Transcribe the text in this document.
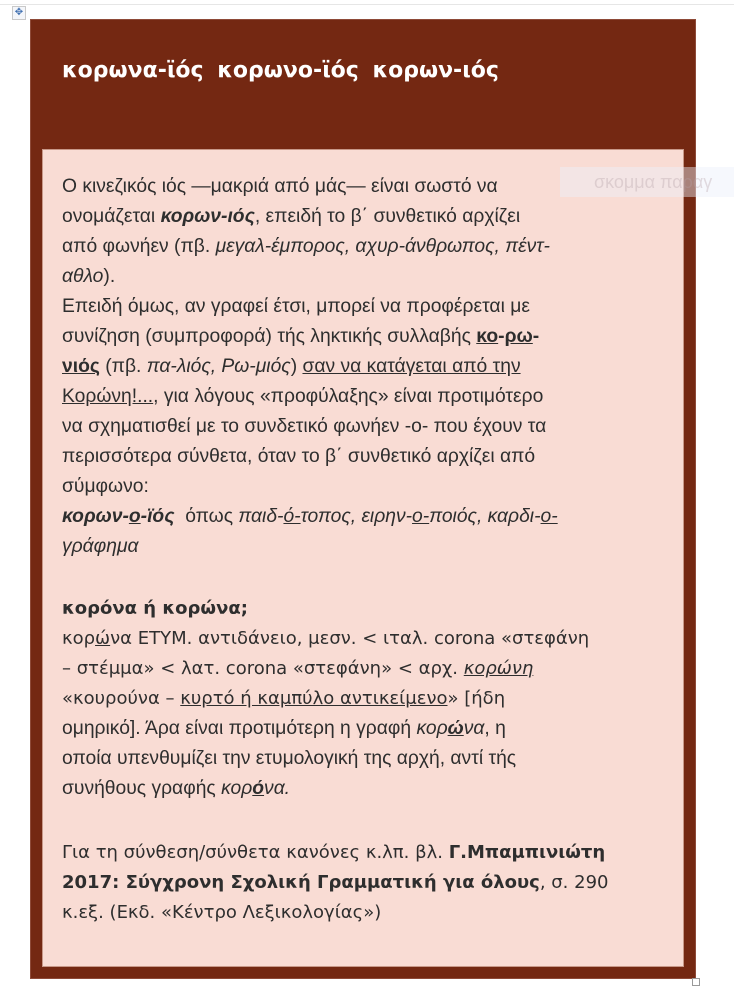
✥
κορωνα-ϊός κορωνο-ϊός κορων-ιός
σκομμα παραγ
Ο κινεζικός ιός —μακριά από μάς— είναι σωστό να
ονομάζεται κορων-ιός, επειδή το β΄ συνθετικό αρχίζει
από φωνήεν (πβ. μεγαλ-έμπορος, αχυρ-άνθρωπος, πέντ-
αθλο).
Επειδή όμως, αν γραφεί έτσι, μπορεί να προφέρεται με
συνίζηση (συμπροφορά) τής ληκτικής συλλαβής κο-ρω-
νιός (πβ. πα-λιός, Ρω-μιός) σαν να κατάγεται από την
Κορώνη!..., για λόγους «προφύλαξης» είναι προτιμότερο
να σχηματισθεί με το συνδετικό φωνήεν -ο- που έχουν τα
περισσότερα σύνθετα, όταν το β΄ συνθετικό αρχίζει από
σύμφωνο:
κορων-ο-ϊός  όπως παιδ-ό-τοπος, ειρην-ο-ποιός, καρδι-ο-
γράφημα
κορόνα ή κορώνα;
κορώνα ΕΤΥΜ. αντιδάνειο, μεσν. < ιταλ. corona «στεφάνη
– στέμμα» < λατ. corona «στεφάνη» < αρχ. κορώνη
«κουρούνα – κυρτό ή καμπύλο αντικείμενο» [ήδη
ομηρικό]. Άρα είναι προτιμότερη η γραφή κορώνα, η
οποία υπενθυμίζει την ετυμολογική της αρχή, αντί τής
συνήθους γραφής κορόνα.
Για τη σύνθεση/σύνθετα κανόνες κ.λπ. βλ. Γ.Μπαμπινιώτη
2017: Σύγχρονη Σχολική Γραμματική για όλους, σ. 290
κ.εξ. (Εκδ. «Κέντρο Λεξικολογίας»)
